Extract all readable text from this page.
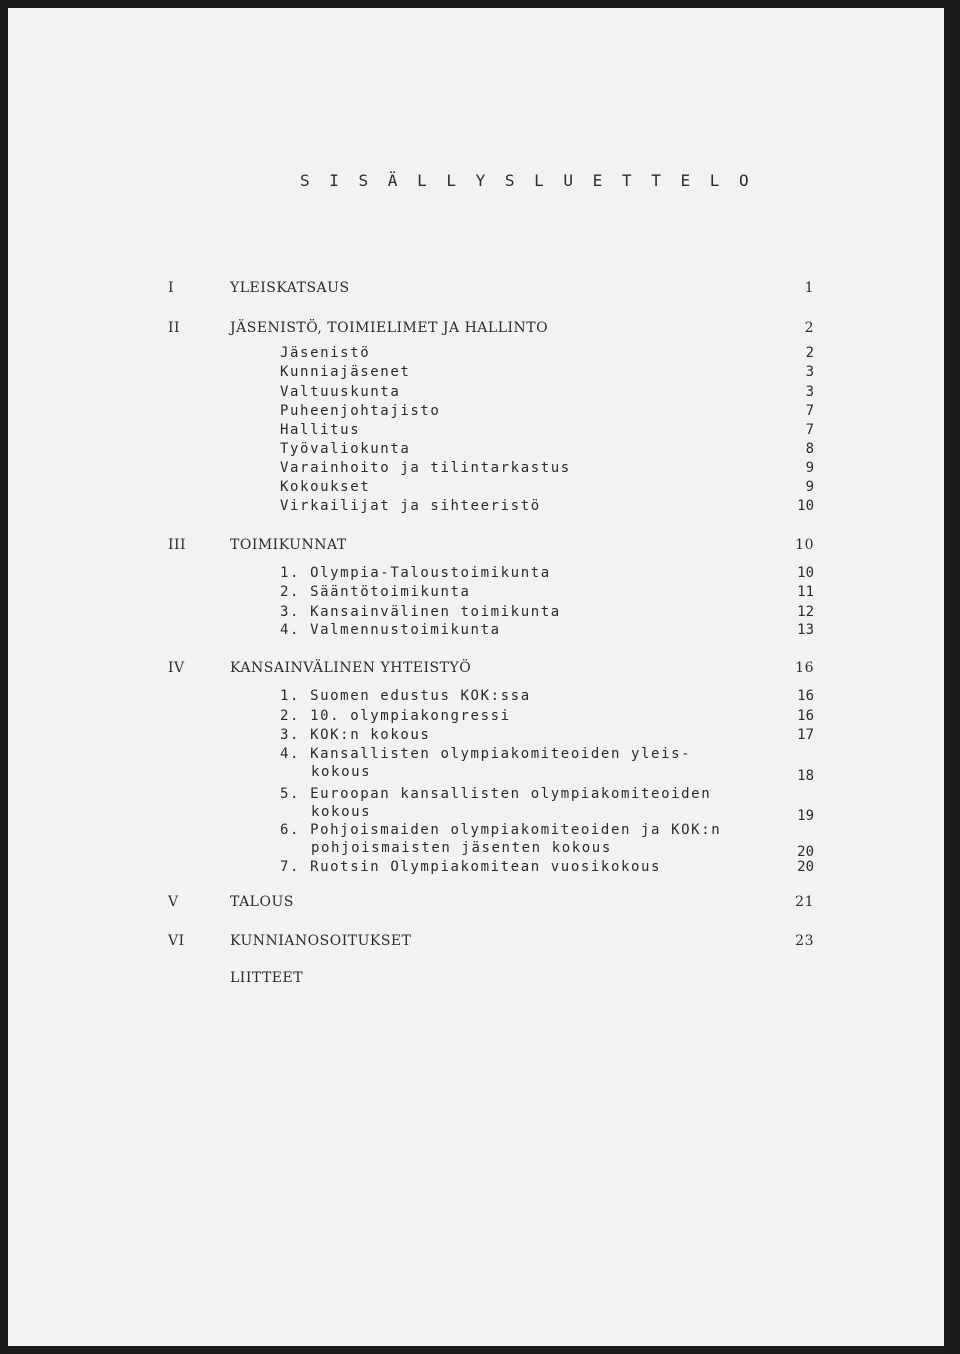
S I S Ä L L Y S L U E T T E L O
I	YLEISKATSAUS	1
II	JÄSENISTÖ, TOIMIELIMET JA HALLINTO	2
Jäsenistö	2
Kunniajäsenet	3
Valtuuskunta	3
Puheenjohtajisto	7
Hallitus	7
Työvaliokunta	8
Varainhoito ja tilintarkastus	9
Kokoukset	9
Virkailijat ja sihteeristö	10
III	TOIMIKUNNAT	10
1. Olympia-Taloustoimikunta	10
2. Sääntötoimikunta	11
3. Kansainvälinen toimikunta	12
4. Valmennustoimikunta	13
IV	KANSAINVÄLINEN YHTEISTYÖ	16
1. Suomen edustus KOK:ssa	16
2. 10. olympiakongressi	16
3. KOK:n kokous	17
4. Kansallisten olympiakomiteoiden yleis-
kokous	18
5. Euroopan kansallisten olympiakomiteoiden
kokous	19
6. Pohjoismaiden olympiakomiteoiden ja KOK:n
pohjoismaisten jäsenten kokous	20
7. Ruotsin Olympiakomitean vuosikokous	20
V	TALOUS	21
VI	KUNNIANOSOITUKSET	23
LIITTEET
